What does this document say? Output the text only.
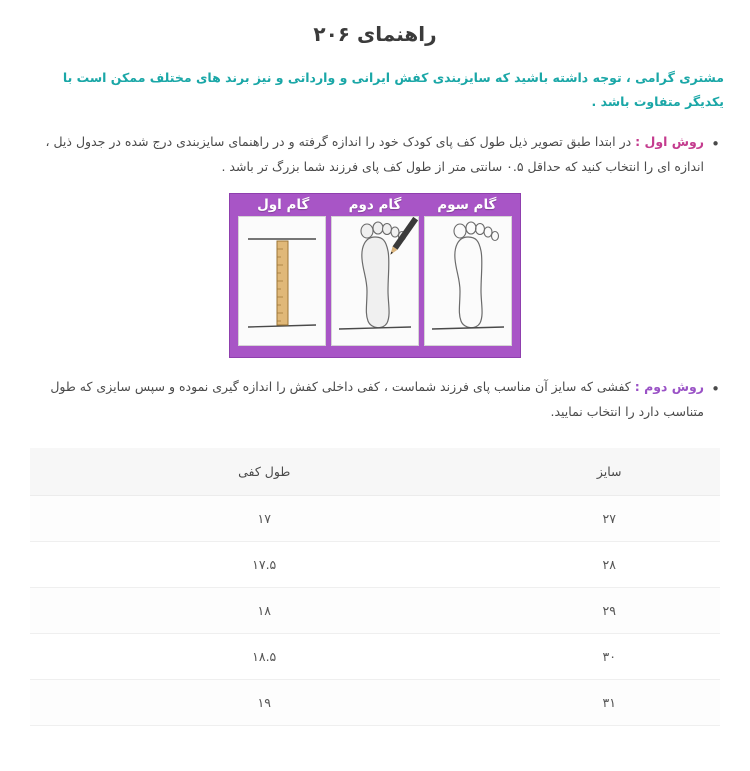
راهنمای ۲۰۶
مشتری گرامی ، توجه داشته باشید که سایزبندی کفش ایرانی و وارداتی و نیز برند های مختلف ممکن است با یکدیگر متفاوت باشد .
• روش اول : در ابتدا طبق تصویر ذیل طول کف پای کودک خود را اندازه گرفته و در راهنمای سایزبندی درج شده در جدول ذیل ، اندازه ای را انتخاب کنید که حداقل ۰.۵ سانتی متر از طول کف پای فرزند شما بزرگ تر باشد .
گام سوم
گام دوم
گام اول
• روش دوم : کفشی که سایز آن مناسب پای فرزند شماست ، کفی داخلی کفش را اندازه گیری نموده و سپس سایزی که طول متناسب دارد را انتخاب نمایید.
سایز	طول کفی
۲۷	۱۷
۲۸	۱۷.۵
۲۹	۱۸
۳۰	۱۸.۵
۳۱	۱۹
